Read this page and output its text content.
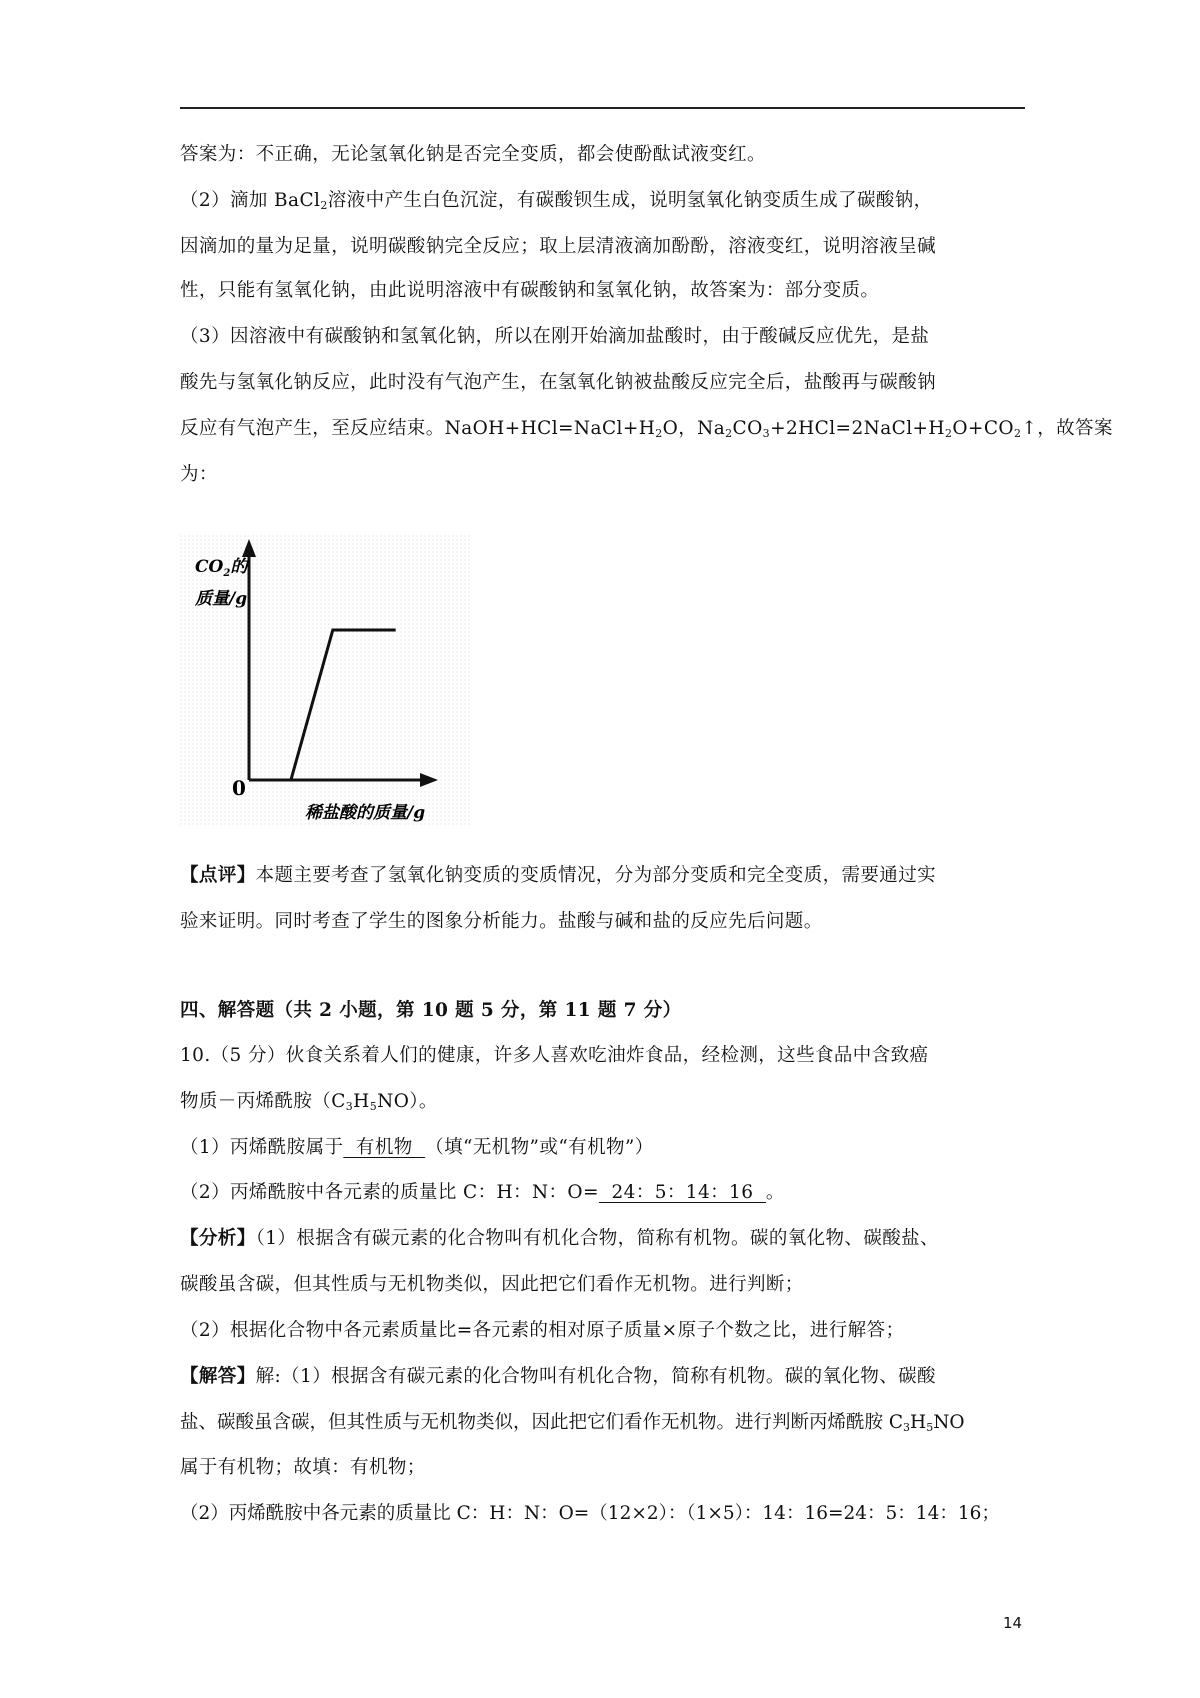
答案为：不正确，无论氢氧化钠是否完全变质，都会使酚酞试液变红。
（2）滴加 BaCl$_2$溶液中产生白色沉淀，有碳酸钡生成，说明氢氧化钠变质生成了碳酸钠，
因滴加的量为足量，说明碳酸钠完全反应；取上层清液滴加酚酚，溶液变红，说明溶液呈碱
性，只能有氢氧化钠，由此说明溶液中有碳酸钠和氢氧化钠，故答案为：部分变质。
（3）因溶液中有碳酸钠和氢氧化钠，所以在刚开始滴加盐酸时，由于酸碱反应优先，是盐
酸先与氢氧化钠反应，此时没有气泡产生，在氢氧化钠被盐酸反应完全后，盐酸再与碳酸钠
反应有气泡产生，至反应结束。$NaOH+HCl=NaCl+H_2O$，$Na_2CO_3+2HCl=2NaCl+H_2O+CO_2↑$，故答案
为：
$CO_2$的
质量/g
0
稀盐酸的质量/g
【点评】本题主要考查了氢氧化钠变质的变质情况，分为部分变质和完全变质，需要通过实
验来证明。同时考查了学生的图象分析能力。盐酸与碱和盐的反应先后问题。
四、解答题（共 2 小题，第 10 题 5 分，第 11 题 7 分）
10.（5 分）伙食关系着人们的健康，许多人喜欢吃油炸食品，经检测，这些食品中含致癌
物质－丙烯酰胺$(C_3H_5NO)$。
（1）丙烯酰胺属于  有机物  （填“无机物”或“有机物”）
（2）丙烯酰胺中各元素的质量比 C：H：N：O=  24：5：14：16  。
【分析】（1）根据含有碳元素的化合物叫有机化合物，简称有机物。碳的氧化物、碳酸盐、
碳酸虽含碳，但其性质与无机物类似，因此把它们看作无机物。进行判断；
（2）根据化合物中各元素质量比=各元素的相对原子质量×原子个数之比，进行解答；
【解答】解:（1）根据含有碳元素的化合物叫有机化合物，简称有机物。碳的氧化物、碳酸
盐、碳酸虽含碳，但其性质与无机物类似，因此把它们看作无机物。进行判断丙烯酰胺 $C_3H_5NO$
属于有机物；故填：有机物；
（2）丙烯酰胺中各元素的质量比 C：H：N：O=（12×2）：（1×5）：14：16=24：5：14：16；
14
